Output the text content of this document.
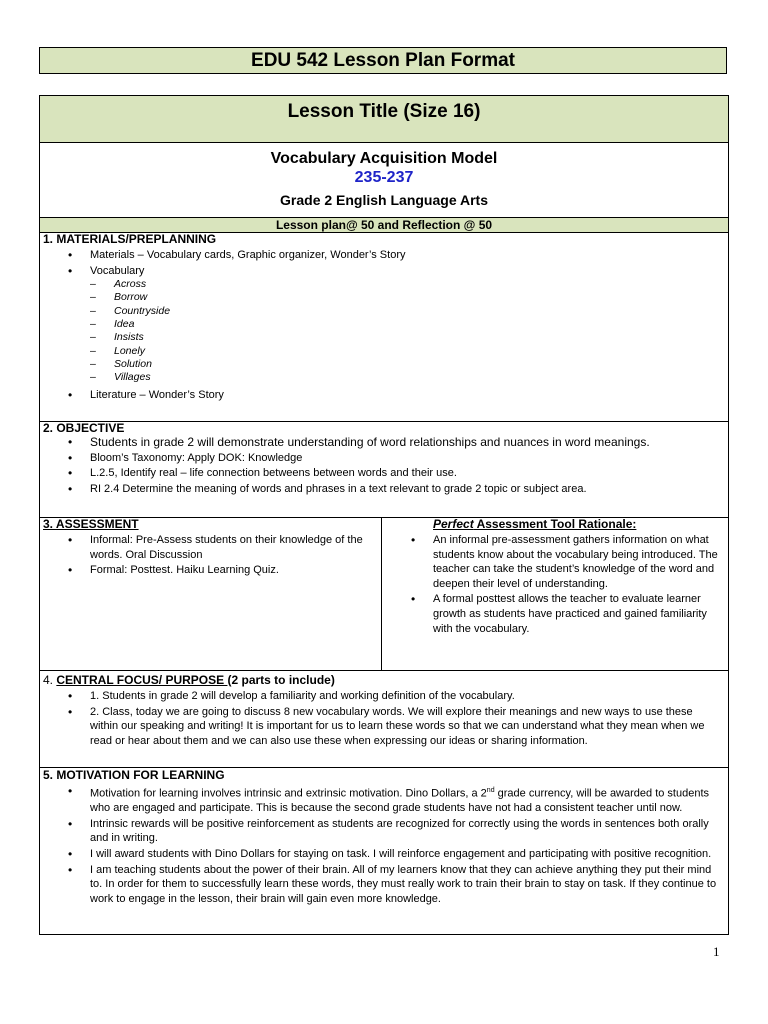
EDU 542 Lesson Plan Format
Lesson Title (Size 16)

Vocabulary Acquisition Model
235-237
Grade 2 English Language Arts

Lesson plan@ 50 and Reflection @ 50

1. MATERIALS/PREPLANNING
• Materials – Vocabulary cards, Graphic organizer, Wonder’s Story
• Vocabulary
– Across
– Borrow
– Countryside
– Idea
– Insists
– Lonely
– Solution
– Villages
• Literature – Wonder’s Story

2. OBJECTIVE
• Students in grade 2 will demonstrate understanding of word relationships and nuances in word meanings.
• Bloom’s Taxonomy: Apply DOK: Knowledge
• L.2.5, Identify real – life connection betweens between words and their use.
• RI 2.4 Determine the meaning of words and phrases in a text relevant to grade 2 topic or subject area.

3. ASSESSMENT
• Informal: Pre-Assess students on their knowledge of the words. Oral Discussion
• Formal: Posttest. Haiku Learning Quiz.

Perfect Assessment Tool Rationale:
• An informal pre-assessment gathers information on what students know about the vocabulary being introduced. The teacher can take the student’s knowledge of the word and deepen their level of understanding.
• A formal posttest allows the teacher to evaluate learner growth as students have practiced and gained familiarity with the vocabulary.

4. CENTRAL FOCUS/ PURPOSE (2 parts to include)
• 1. Students in grade 2 will develop a familiarity and working definition of the vocabulary.
• 2. Class, today we are going to discuss 8 new vocabulary words. We will explore their meanings and new ways to use these within our speaking and writing! It is important for us to learn these words so that we can understand what they mean when we read or hear about them and we can also use these when expressing our ideas or sharing information.

5. MOTIVATION FOR LEARNING
• Motivation for learning involves intrinsic and extrinsic motivation. Dino Dollars, a 2nd grade currency, will be awarded to students who are engaged and participate. This is because the second grade students have not had a consistent teacher until now.
• Intrinsic rewards will be positive reinforcement as students are recognized for correctly using the words in sentences both orally and in writing.
• I will award students with Dino Dollars for staying on task. I will reinforce engagement and participating with positive recognition.
• I am teaching students about the power of their brain. All of my learners know that they can achieve anything they put their mind to. In order for them to successfully learn these words, they must really work to train their brain to stay on task. If they continue to work to engage in the lesson, their brain will gain even more knowledge.
1
